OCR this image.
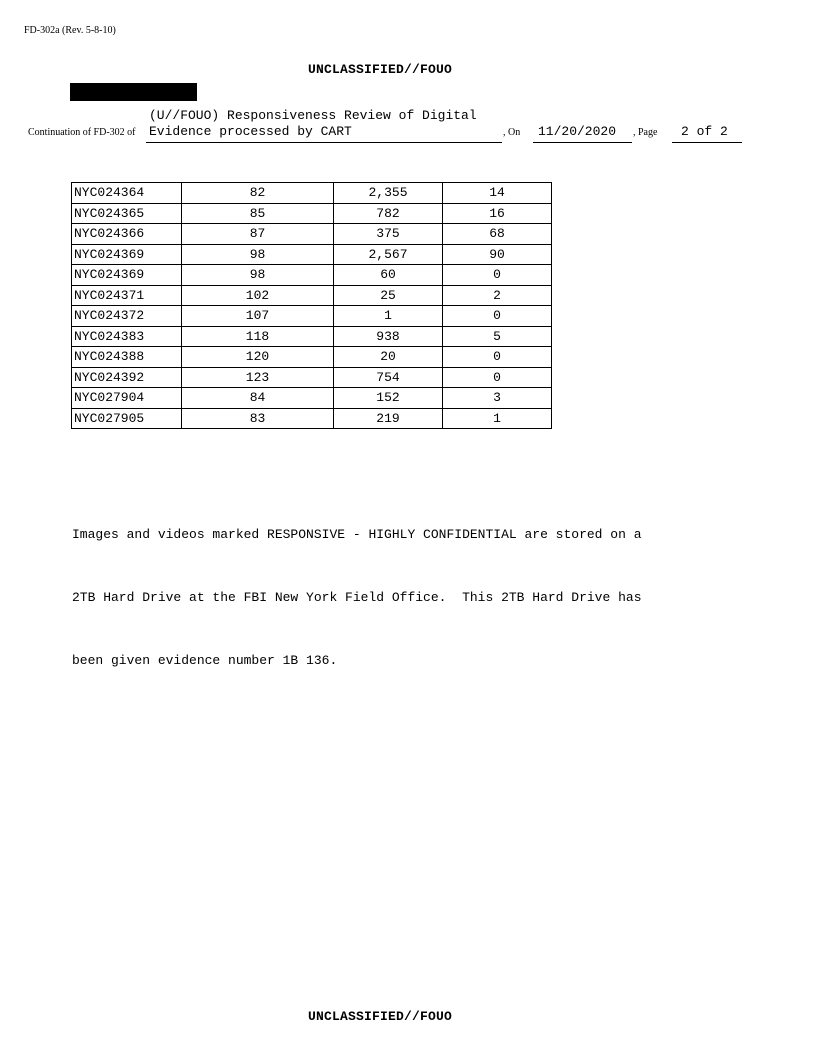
FD-302a (Rev. 5-8-10)
UNCLASSIFIED//FOUO
(U//FOUO) Responsiveness Review of Digital
Continuation of FD-302 of Evidence processed by CART	, On 11/20/2020 , Page 2 of 2
NYC024364	82	2,355	14
NYC024365	85	782	16
NYC024366	87	375	68
NYC024369	98	2,567	90
NYC024369	98	60	0
NYC024371	102	25	2
NYC024372	107	1	0
NYC024383	118	938	5
NYC024388	120	20	0
NYC024392	123	754	0
NYC027904	84	152	3
NYC027905	83	219	1

Images and videos marked RESPONSIVE - HIGHLY CONFIDENTIAL are stored on a

2TB Hard Drive at the FBI New York Field Office.  This 2TB Hard Drive has

been given evidence number 1B 136.

UNCLASSIFIED//FOUO
